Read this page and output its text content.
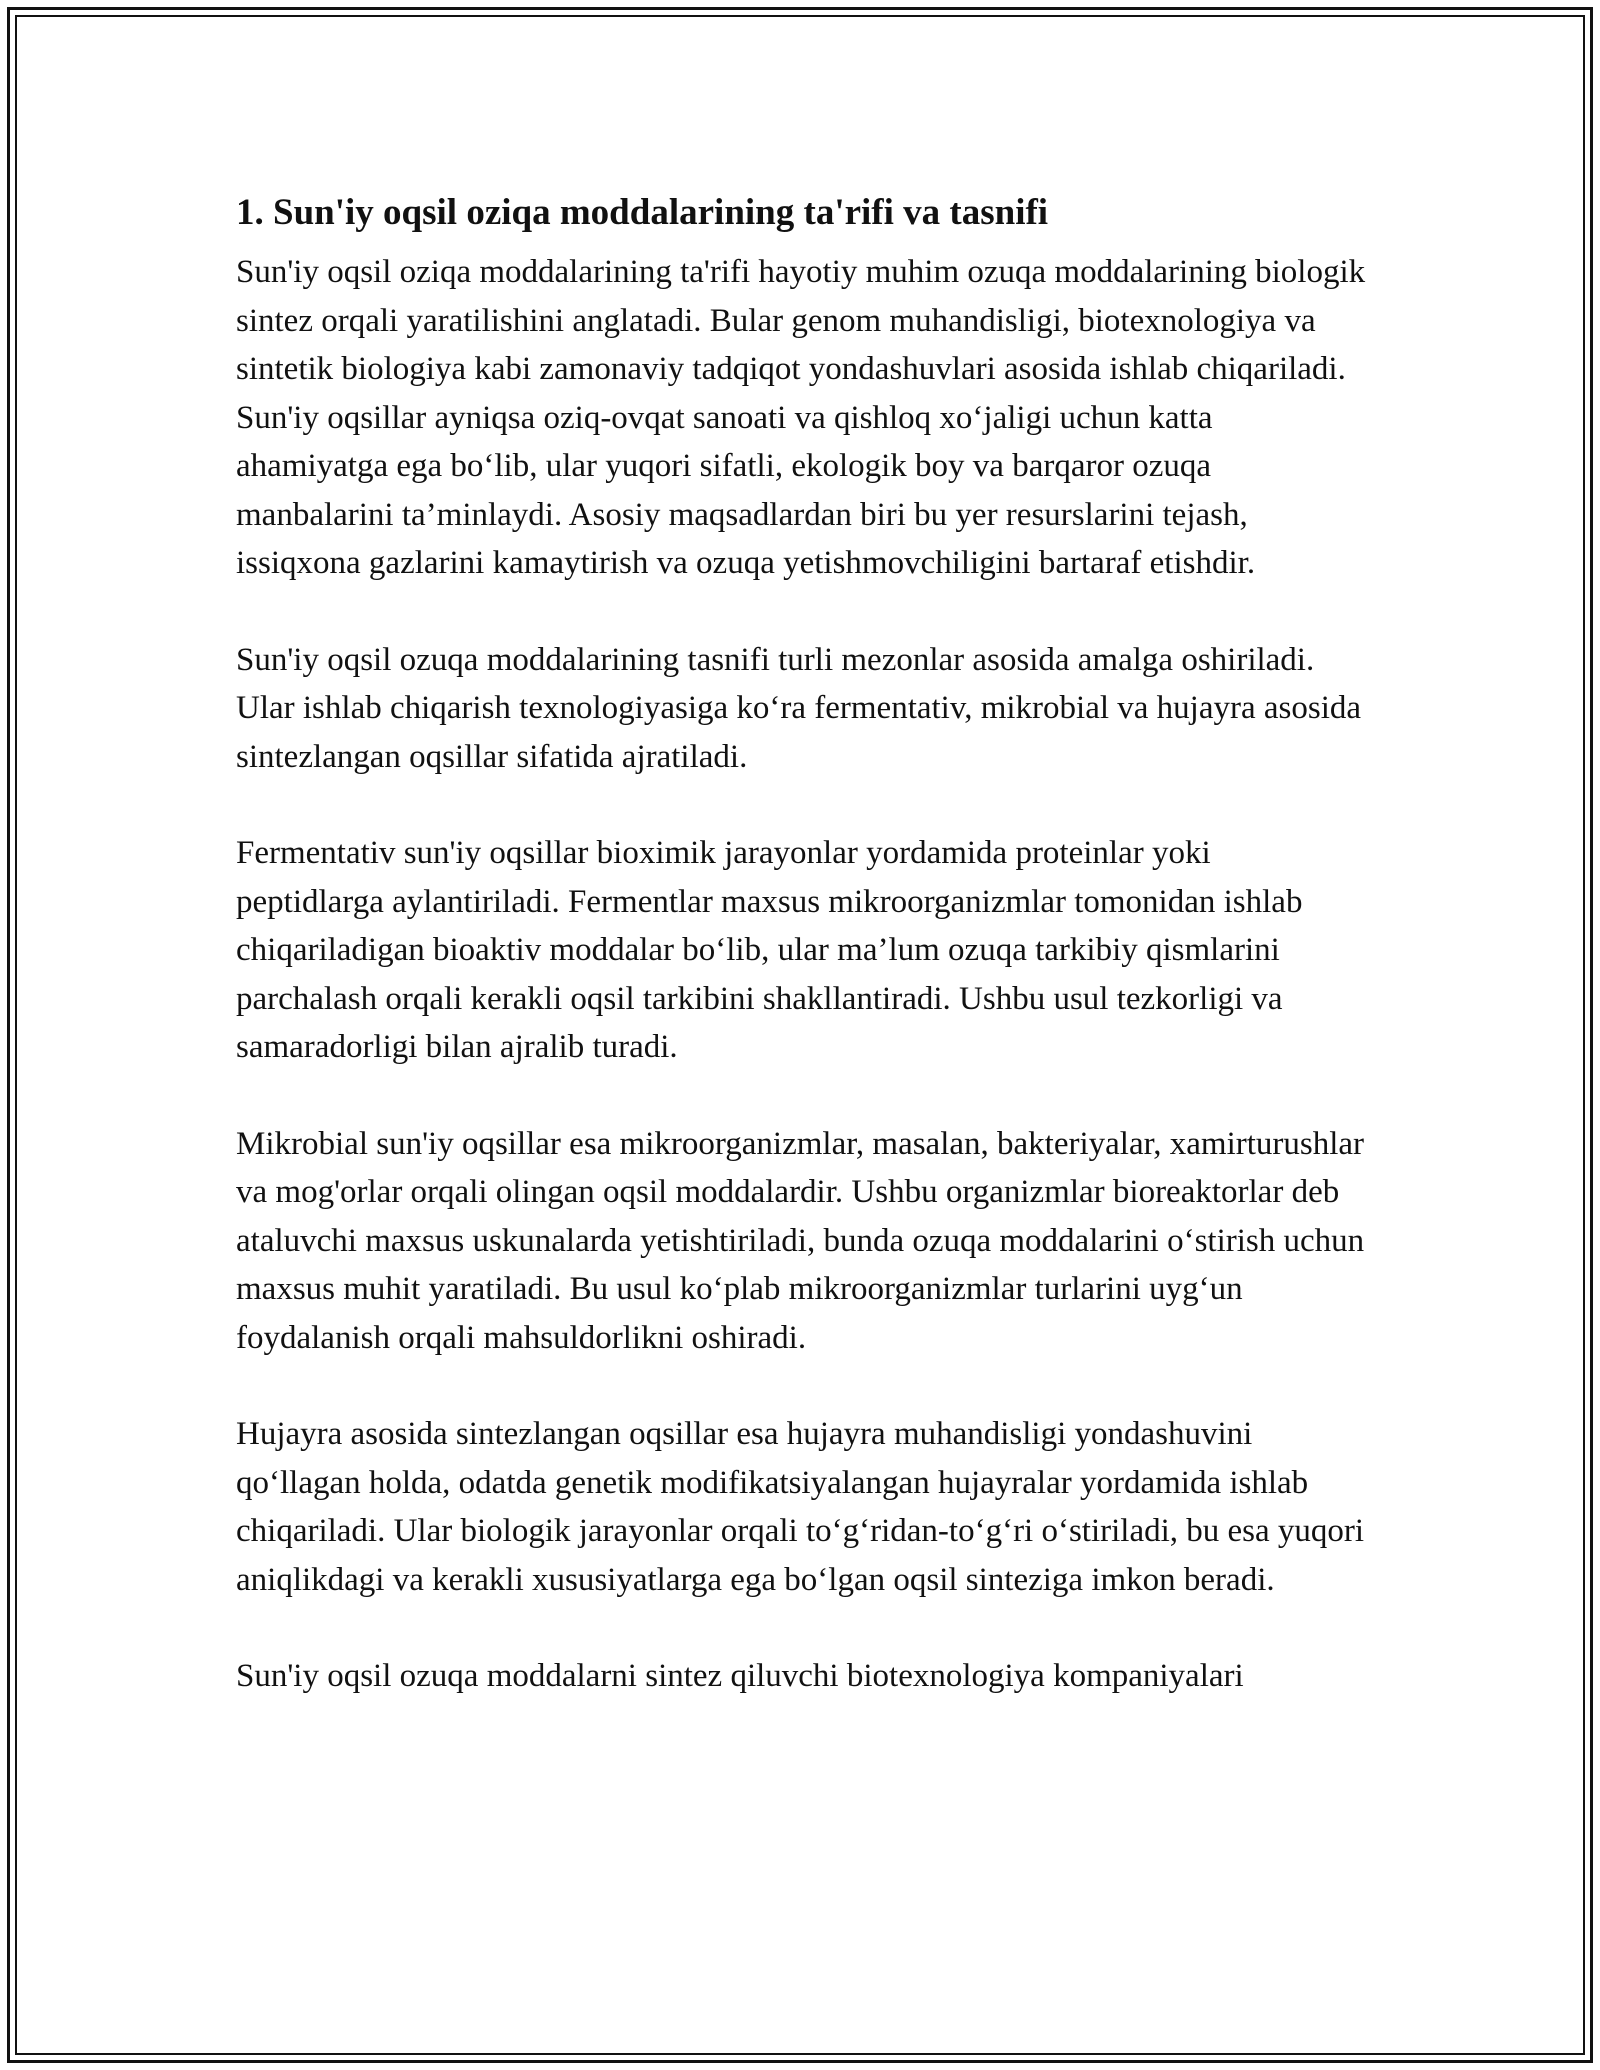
1. Sun'iy oqsil oziqa moddalarining ta'rifi va tasnifi

Sun'iy oqsil oziqa moddalarining ta'rifi hayotiy muhim ozuqa moddalarining biologik sintez orqali yaratilishini anglatadi. Bular genom muhandisligi, biotexnologiya va sintetik biologiya kabi zamonaviy tadqiqot yondashuvlari asosida ishlab chiqariladi. Sun'iy oqsillar ayniqsa oziq-ovqat sanoati va qishloq xo‘jaligi uchun katta ahamiyatga ega bo‘lib, ular yuqori sifatli, ekologik boy va barqaror ozuqa manbalarini ta’minlaydi. Asosiy maqsadlardan biri bu yer resurslarini tejash, issiqxona gazlarini kamaytirish va ozuqa yetishmovchiligini bartaraf etishdir.

Sun'iy oqsil ozuqa moddalarining tasnifi turli mezonlar asosida amalga oshiriladi. Ular ishlab chiqarish texnologiyasiga ko‘ra fermentativ, mikrobial va hujayra asosida sintezlangan oqsillar sifatida ajratiladi.

Fermentativ sun'iy oqsillar bioximik jarayonlar yordamida proteinlar yoki peptidlarga aylantiriladi. Fermentlar maxsus mikroorganizmlar tomonidan ishlab chiqariladigan bioaktiv moddalar bo‘lib, ular ma’lum ozuqa tarkibiy qismlarini parchalash orqali kerakli oqsil tarkibini shakllantiradi. Ushbu usul tezkorligi va samaradorligi bilan ajralib turadi.

Mikrobial sun'iy oqsillar esa mikroorganizmlar, masalan, bakteriyalar, xamirturushlar va mog'orlar orqali olingan oqsil moddalardir. Ushbu organizmlar bioreaktorlar deb ataluvchi maxsus uskunalarda yetishtiriladi, bunda ozuqa moddalarini o‘stirish uchun maxsus muhit yaratiladi. Bu usul ko‘plab mikroorganizmlar turlarini uyg‘un foydalanish orqali mahsuldorlikni oshiradi.

Hujayra asosida sintezlangan oqsillar esa hujayra muhandisligi yondashuvini qo‘llagan holda, odatda genetik modifikatsiyalangan hujayralar yordamida ishlab chiqariladi. Ular biologik jarayonlar orqali to‘g‘ridan-to‘g‘ri o‘stiriladi, bu esa yuqori aniqlikdagi va kerakli xususiyatlarga ega bo‘lgan oqsil sinteziga imkon beradi.

Sun'iy oqsil ozuqa moddalarni sintez qiluvchi biotexnologiya kompaniyalari
